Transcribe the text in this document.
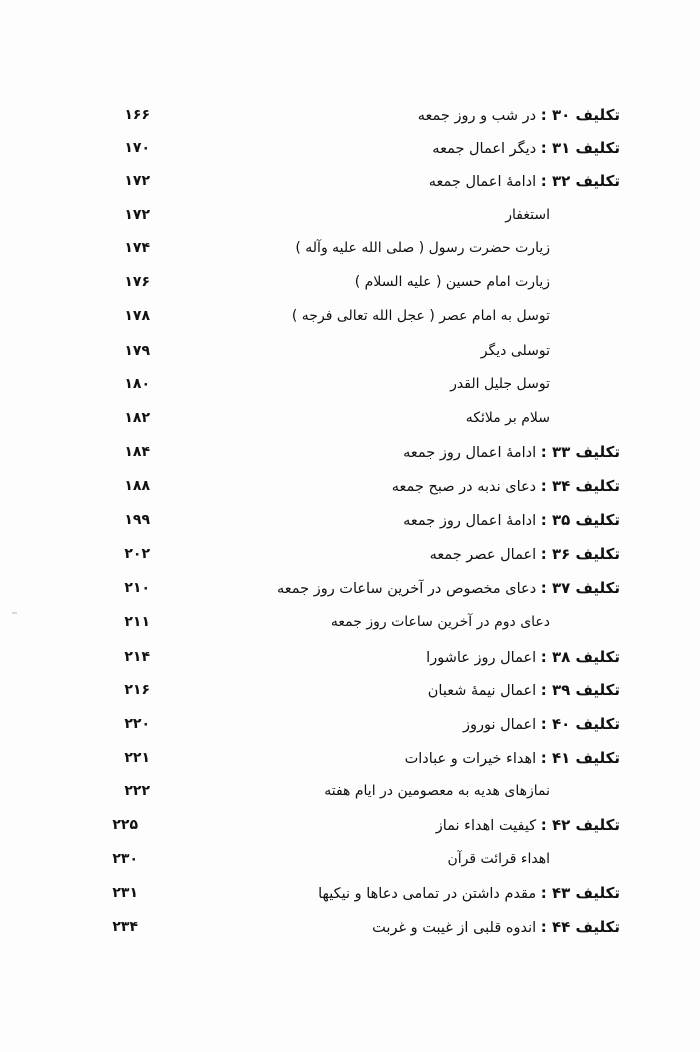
تکلیف ۳۰ : در شب و روز جمعه
۱۶۶
تکلیف ۳۱ : دیگر اعمال جمعه
۱۷۰
تکلیف ۳۲ : ادامهٔ اعمال جمعه
۱۷۲
استغفار
۱۷۲
زیارت حضرت رسول ( صلی الله علیه وآله )
۱۷۴
زیارت امام حسین ( علیه السلام )
۱۷۶
توسل به امام عصر ( عجل الله تعالی فرجه )
۱۷۸
توسلی دیگر
۱۷۹
توسل جلیل القدر
۱۸۰
سلام بر ملائکه
۱۸۲
تکلیف ۳۳ : ادامهٔ اعمال روز جمعه
۱۸۴
تکلیف ۳۴ : دعای ندبه در صبح جمعه
۱۸۸
تکلیف ۳۵ : ادامهٔ اعمال روز جمعه
۱۹۹
تکلیف ۳۶ : اعمال عصر جمعه
۲۰۲
تکلیف ۳۷ : دعای مخصوص در آخرین ساعات روز جمعه
۲۱۰
دعای دوم در آخرین ساعات روز جمعه
۲۱۱
تکلیف ۳۸ : اعمال روز عاشورا
۲۱۴
تکلیف ۳۹ : اعمال نیمهٔ شعبان
۲۱۶
تکلیف ۴۰ : اعمال نوروز
۲۲۰
تکلیف ۴۱ : اهداء خیرات و عبادات
۲۲۱
نمازهای هدیه به معصومین در ایام هفته
۲۲۲
تکلیف ۴۲ : کیفیت اهداء نماز
۲۲۵
اهداء قرائت قرآن
۲۳۰
تکلیف ۴۳ : مقدم داشتن در تمامی دعاها و نیکیها
۲۳۱
تکلیف ۴۴ : اندوه قلبی از غیبت و غربت
۲۳۴
